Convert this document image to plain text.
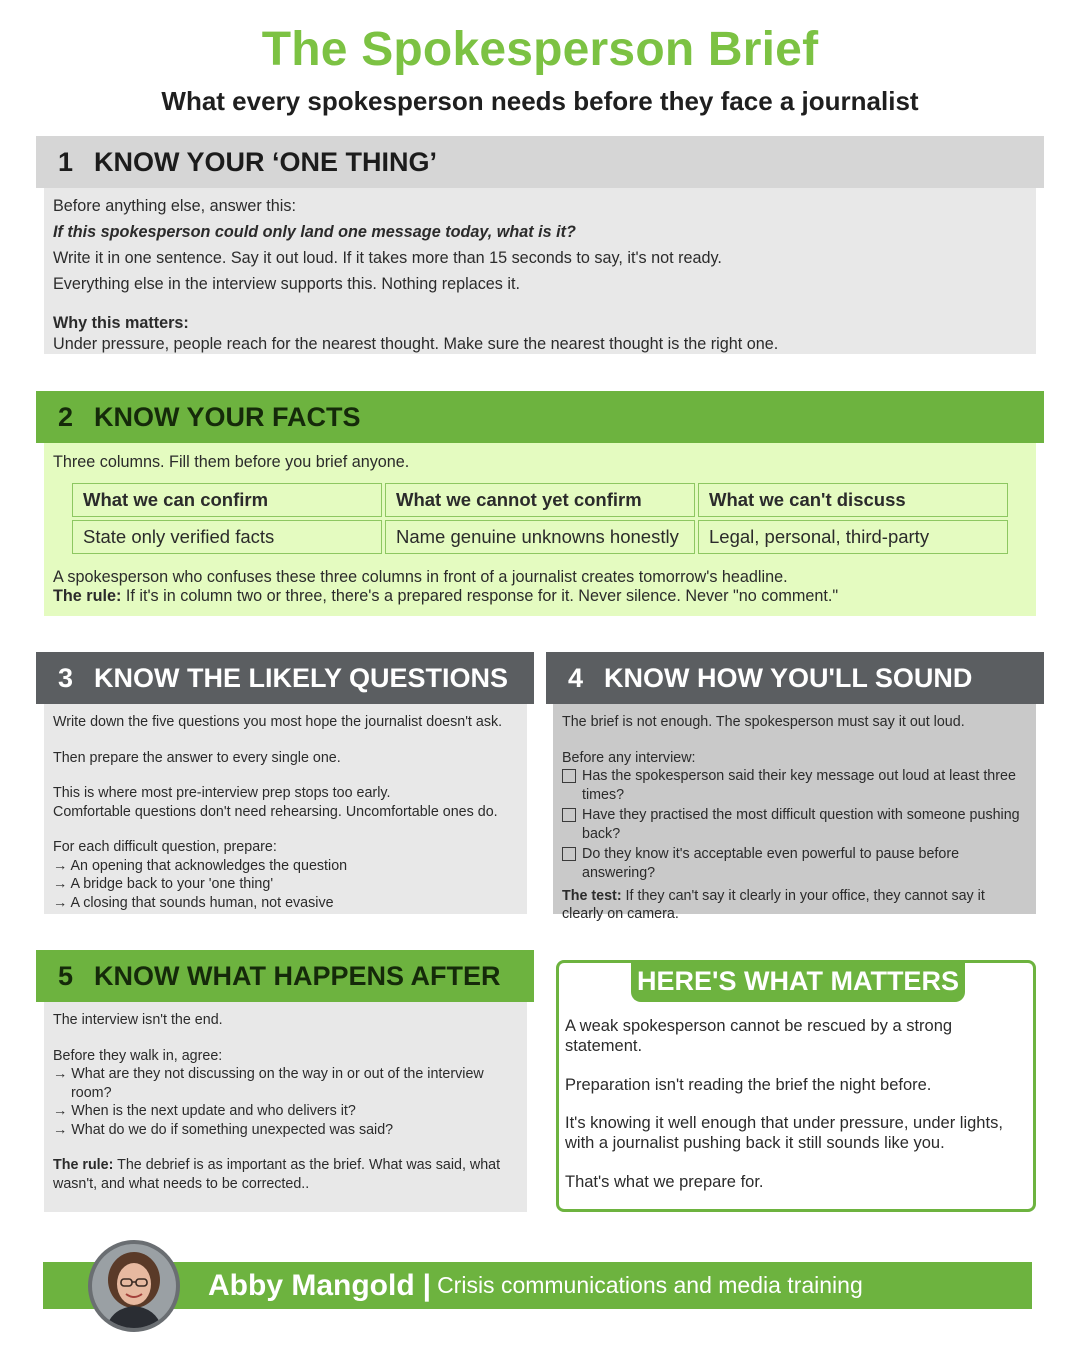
The Spokesperson Brief
What every spokesperson needs before they face a journalist
1 KNOW YOUR ‘ONE THING’

Before anything else, answer this:

If this spokesperson could only land one message today, what is it?

Write it in one sentence. Say it out loud. If it takes more than 15 seconds to say, it's not ready.

Everything else in the interview supports this. Nothing replaces it.

Why this matters:

Under pressure, people reach for the nearest thought. Make sure the nearest thought is the right one.

2 KNOW YOUR FACTS

Three columns. Fill them before you brief anyone.

A spokesperson who confuses these three columns in front of a journalist creates tomorrow's headline.

The rule: If it's in column two or three, there's a prepared response for it. Never silence. Never "no comment."

What we can confirm	What we cannot yet confirm	What we can't discuss
State only verified facts	Name genuine unknowns honestly	Legal, personal, third-party
3 KNOW THE LIKELY QUESTIONS

Write down the five questions you most hope the journalist doesn't ask.

Then prepare the answer to every single one.

This is where most pre-interview prep stops too early.

Comfortable questions don't need rehearsing. Uncomfortable ones do.

For each difficult question, prepare:

→ An opening that acknowledges the question

→ A bridge back to your 'one thing'

→ A closing that sounds human, not evasive

4 KNOW HOW YOU'LL SOUND

The brief is not enough. The spokesperson must say it out loud.

Before any interview:

Has the spokesperson said their key message out loud at least three times?
Have they practised the most difficult question with someone pushing back?
Do they know it's acceptable even powerful to pause before answering?

The test: If they can't say it clearly in your office, they cannot say it clearly on camera.

5 KNOW WHAT HAPPENS AFTER

The interview isn't the end.

Before they walk in, agree:

→ What are they not discussing on the way in or out of the interview room?

→ When is the next update and who delivers it?

→ What do we do if something unexpected was said?

The rule: The debrief is as important as the brief. What was said, what wasn't, and what needs to be corrected..

HERE'S WHAT MATTERS

A weak spokesperson cannot be rescued by a strong statement.

Preparation isn't reading the brief the night before.

It's knowing it well enough that under pressure, under lights, with a journalist pushing back it still sounds like you.

That's what we prepare for.

Abby Mangold | Crisis communications and media training
